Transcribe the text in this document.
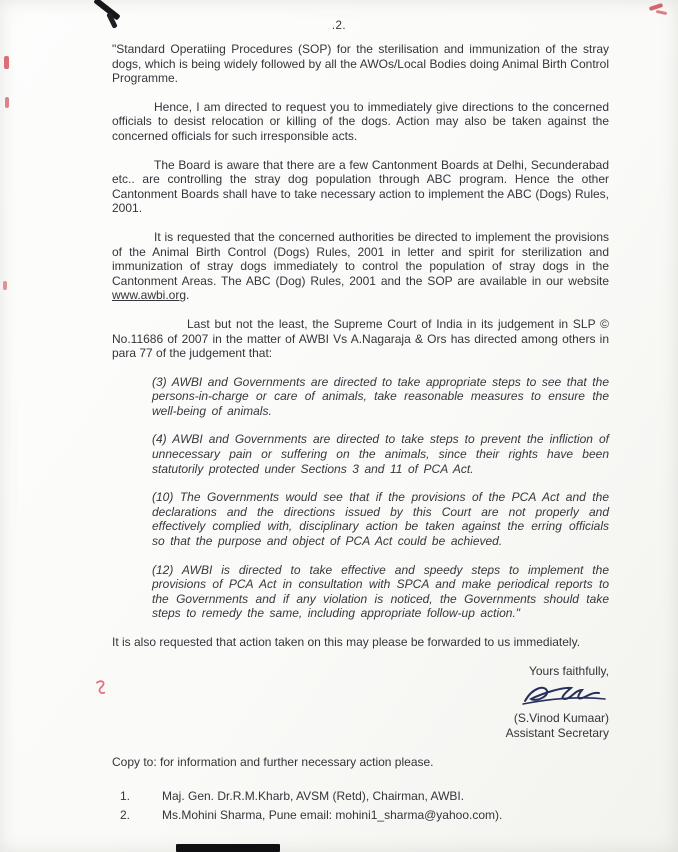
.2.

"Standard Operatiing Procedures (SOP) for the sterilisation and immunization of the stray dogs, which is being widely followed by all the AWOs/Local Bodies doing Animal Birth Control Programme.

Hence, I am directed to request you to immediately give directions to the concerned officials to desist relocation or killing of the dogs. Action may also be taken against the concerned officials for such irresponsible acts.

The Board is aware that there are a few Cantonment Boards at Delhi, Secunderabad etc.. are controlling the stray dog population through ABC program. Hence the other Cantonment Boards shall have to take necessary action to implement the ABC (Dogs) Rules, 2001.

It is requested that the concerned authorities be directed to implement the provisions of the Animal Birth Control (Dogs) Rules, 2001 in letter and spirit for sterilization and immunization of stray dogs immediately to control the population of stray dogs in the Cantonment Areas. The ABC (Dog) Rules, 2001 and the SOP are available in our website www.awbi.org.

Last but not the least, the Supreme Court of India in its judgement in SLP © No.11686 of 2007 in the matter of AWBI Vs A.Nagaraja & Ors has directed among others in para 77 of the judgement that:

(3) AWBI and Governments are directed to take appropriate steps to see that the persons-in-charge or care of animals, take reasonable measures to ensure the well-being of animals.

(4) AWBI and Governments are directed to take steps to prevent the infliction of unnecessary pain or suffering on the animals, since their rights have been statutorily protected under Sections 3 and 11 of PCA Act.

(10) The Governments would see that if the provisions of the PCA Act and the declarations and the directions issued by this Court are not properly and effectively complied with, disciplinary action be taken against the erring officials so that the purpose and object of PCA Act could be achieved.

(12) AWBI is directed to take effective and speedy steps to implement the provisions of PCA Act in consultation with SPCA and make periodical reports to the Governments and if any violation is noticed, the Governments should take steps to remedy the same, including appropriate follow-up action."

It is also requested that action taken on this may please be forwarded to us immediately.

Yours faithfully,
(S.Vinod Kumaar)
Assistant Secretary

Copy to: for information and further necessary action please.

1.	Maj. Gen. Dr.R.M.Kharb, AVSM (Retd), Chairman, AWBI.
2.	Ms.Mohini Sharma, Pune email: mohini1_sharma@yahoo.com).
